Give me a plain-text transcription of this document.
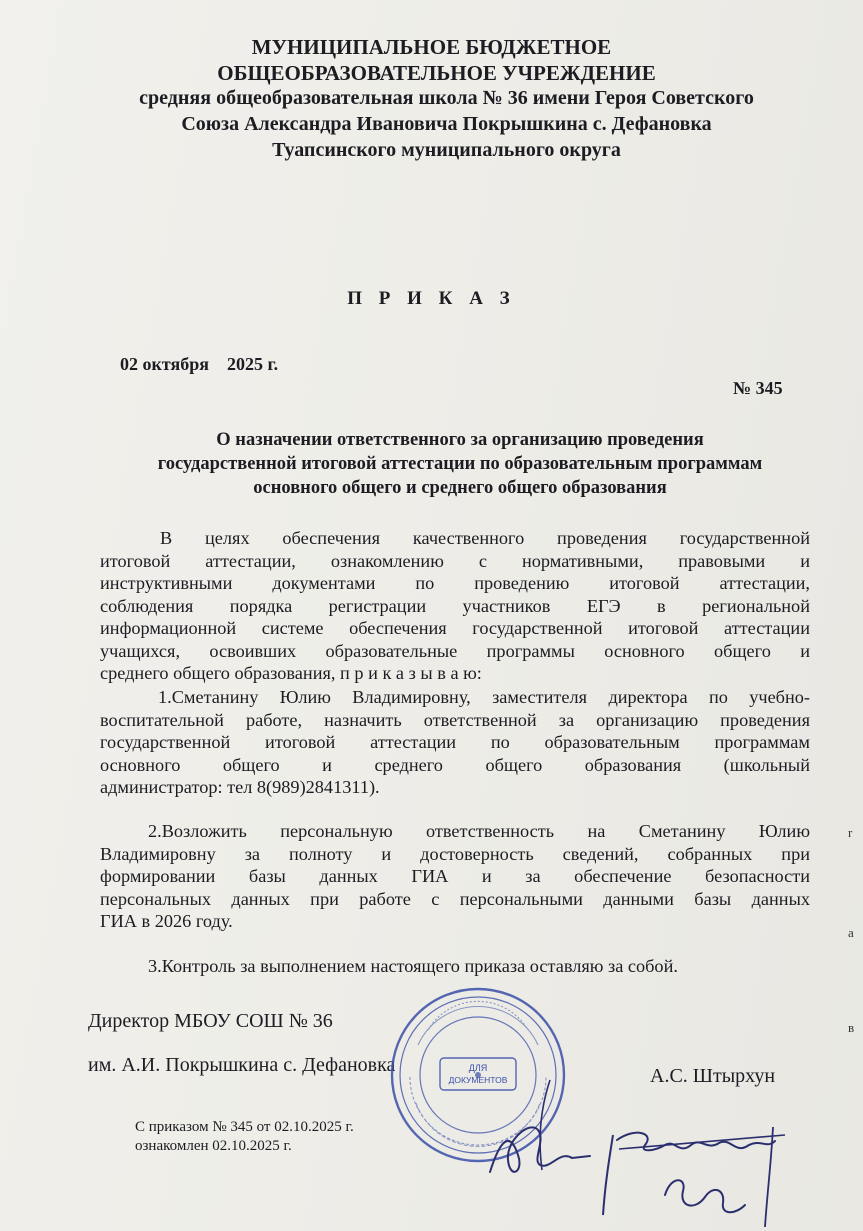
МУНИЦИПАЛЬНОЕ БЮДЖЕТНОЕ
ОБЩЕОБРАЗОВАТЕЛЬНОЕ УЧРЕЖДЕНИЕ
средняя общеобразовательная школа № 36 имени Героя Советского
Союза Александра Ивановича Покрышкина с. Дефановка
Туапсинского муниципального округа
П Р И К А З
02 октября    2025 г.
№ 345
О назначении ответственного за организацию проведения
государственной итоговой аттестации по образовательным программам
основного общего и среднего общего образования
В целях обеспечения качественного проведения государственной
итоговой аттестации, ознакомлению с нормативными, правовыми и
инструктивными документами по проведению итоговой аттестации,
соблюдения порядка регистрации участников ЕГЭ в региональной
информационной системе обеспечения государственной итоговой аттестации
учащихся, освоивших образовательные программы основного общего и
среднего общего образования, п р и к а з ы в а ю:
1.Сметанину Юлию Владимировну, заместителя директора по учебно-
воспитательной работе, назначить ответственной за организацию проведения
государственной итоговой аттестации по образовательным программам
основного общего и среднего общего образования (школьный
администратор: тел 8(989)2841311).
2.Возложить персональную ответственность на Сметанину Юлию
Владимировну за полноту и достоверность сведений, собранных при
формировании базы данных ГИА и за обеспечение безопасности
персональных данных при работе с персональными данными базы данных
ГИА в 2026 году.
3.Контроль за выполнением настоящего приказа оставляю за собой.
Директор МБОУ СОШ № 36
им. А.И. Покрышкина с. Дефановка	А.С. Штырхун
С приказом № 345 от 02.10.2025 г.
ознакомлен 02.10.2025 г.
ДЛЯ
ДОКУМЕНТОВ
r
a
в
